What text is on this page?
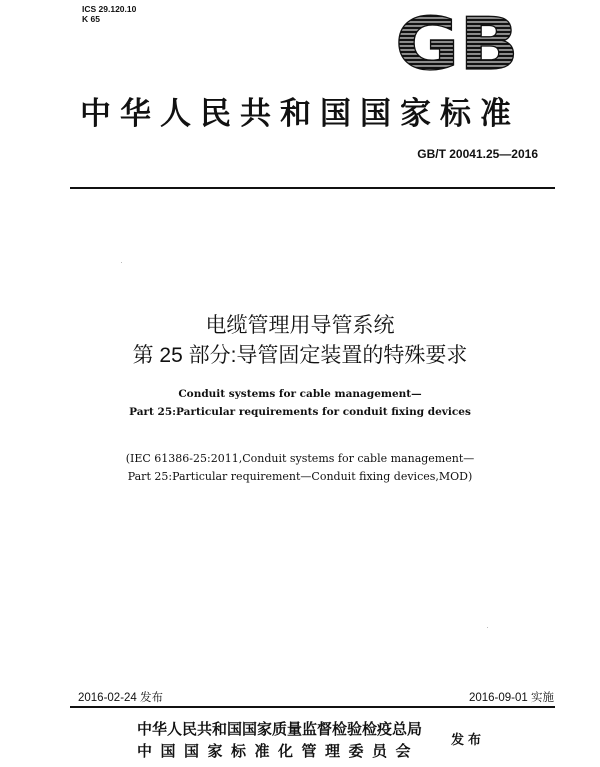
ICS 29.120.10
K 65	GB
中华人民共和国国家标准
GB/T 20041.25—2016
电缆管理用导管系统
第 25 部分:导管固定装置的特殊要求
Conduit systems for cable management—
Part 25:Particular requirements for conduit fixing devices
(IEC 61386-25:2011,Conduit systems for cable management—
Part 25:Particular requirement—Conduit fixing devices,MOD)
2016-02-24 发布	2016-09-01 实施
中华人民共和国国家质量监督检验检疫总局
中国国家标准化管理委员会
发布
